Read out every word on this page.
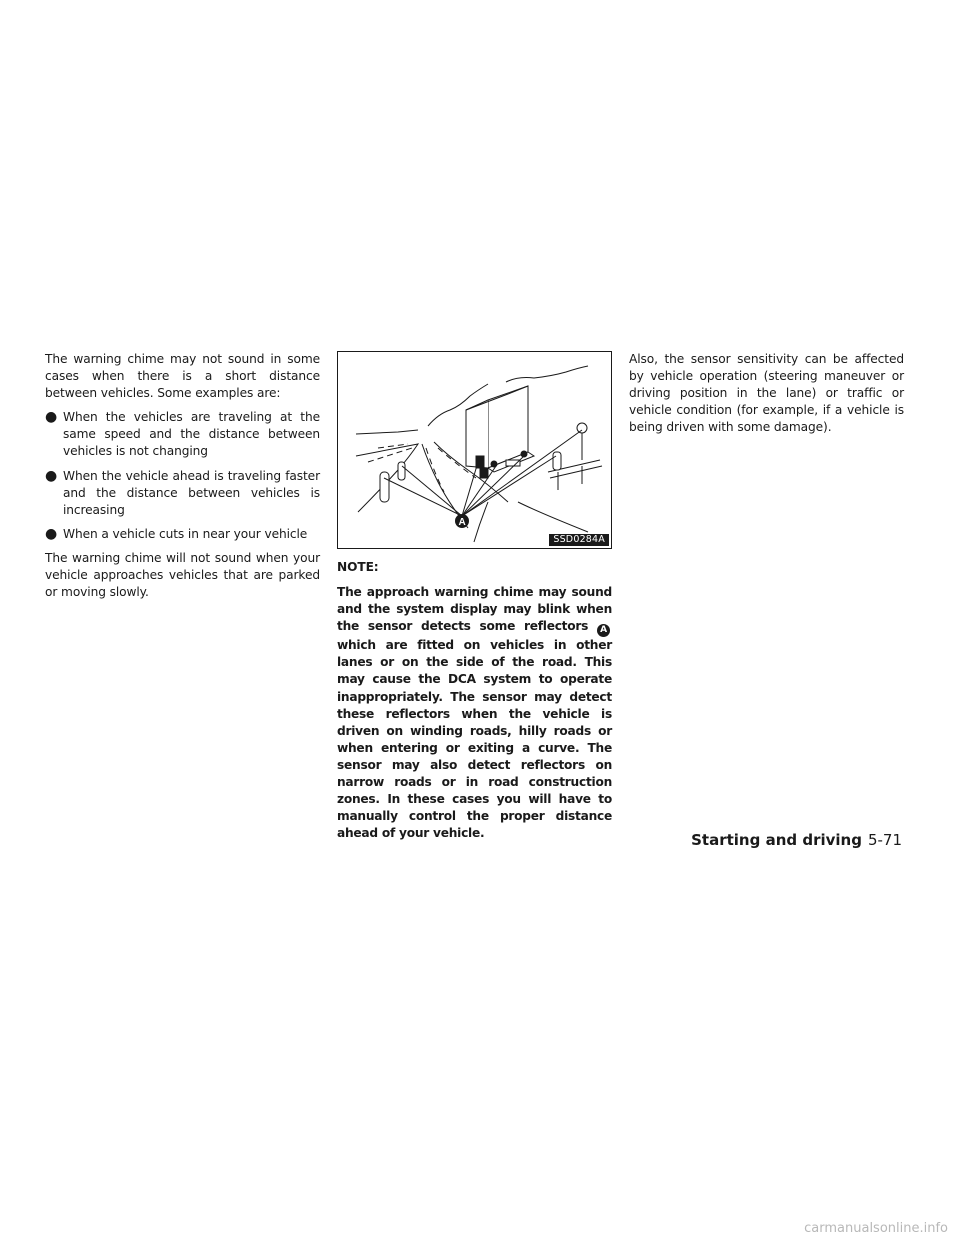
The warning chime may not sound in some cases when there is a short distance between vehicles. Some examples are:

● When the vehicles are traveling at the same speed and the distance between vehicles is not changing
● When the vehicle ahead is traveling faster and the distance between vehicles is increasing
● When a vehicle cuts in near your vehicle

The warning chime will not sound when your vehicle approaches vehicles that are parked or moving slowly.

A
SSD0284A

NOTE:

The approach warning chime may sound and the system display may blink when the sensor detects some reflectors Awhich are fitted on vehicles in other lanes or on the side of the road. This may cause the DCA system to operate inappropriately. The sensor may detect these reflectors when the vehicle is driven on winding roads, hilly roads or when entering or exiting a curve. The sensor may also detect reflectors on narrow roads or in road construction zones. In these cases you will have to manually control the proper distance ahead of your vehicle.

Also, the sensor sensitivity can be affected by vehicle operation (steering maneuver or driving position in the lane) or traffic or vehicle condition (for example, if a vehicle is being driven with some damage).

Starting and driving 5-71
carmanualsonline.info
